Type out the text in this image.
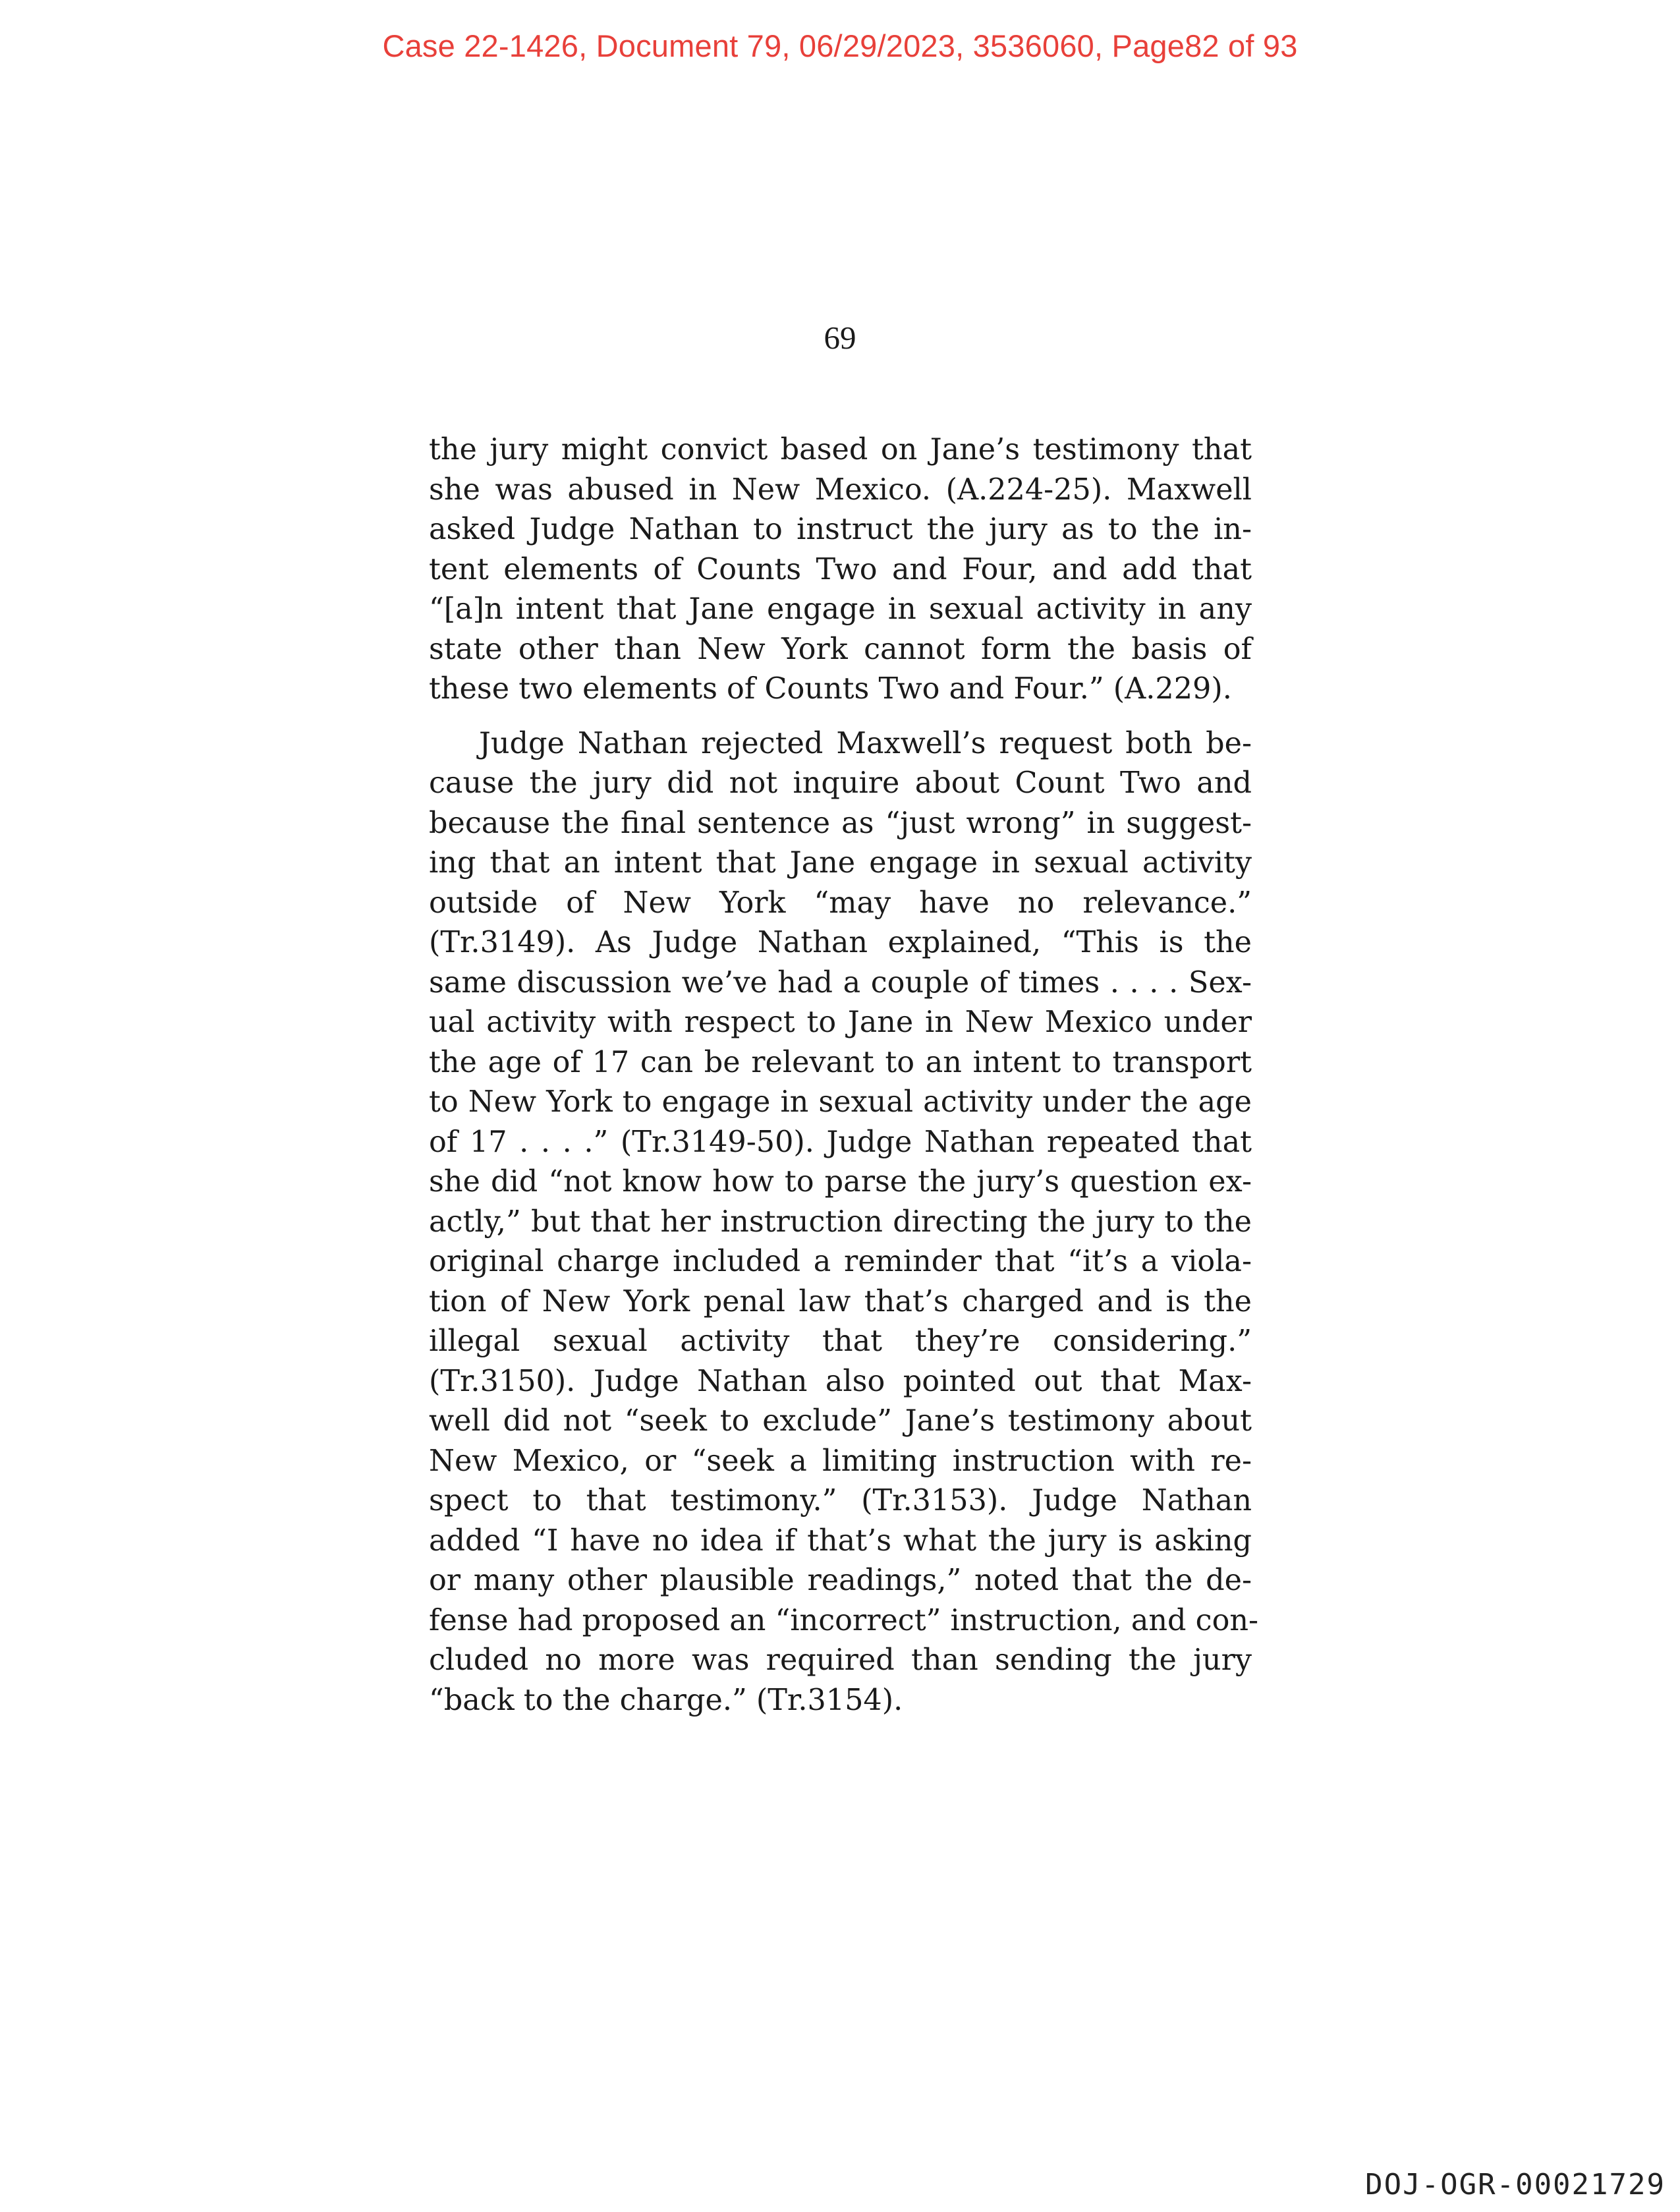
Case 22-1426, Document 79, 06/29/2023, 3536060, Page82 of 93
69
the jury might convict based on Jane’s testimony that
she was abused in New Mexico. (A.224-25). Maxwell
asked Judge Nathan to instruct the jury as to the in-
tent elements of Counts Two and Four, and add that
“[a]n intent that Jane engage in sexual activity in any
state other than New York cannot form the basis of
these two elements of Counts Two and Four.” (A.229).
Judge Nathan rejected Maxwell’s request both be-
cause the jury did not inquire about Count Two and
because the final sentence as “just wrong” in suggest-
ing that an intent that Jane engage in sexual activity
outside of New York “may have no relevance.”
(Tr.3149). As Judge Nathan explained, “This is the
same discussion we’ve had a couple of times . . . . Sex-
ual activity with respect to Jane in New Mexico under
the age of 17 can be relevant to an intent to transport
to New York to engage in sexual activity under the age
of 17 . . . .” (Tr.3149-50). Judge Nathan repeated that
she did “not know how to parse the jury’s question ex-
actly,” but that her instruction directing the jury to the
original charge included a reminder that “it’s a viola-
tion of New York penal law that’s charged and is the
illegal sexual activity that they’re considering.”
(Tr.3150). Judge Nathan also pointed out that Max-
well did not “seek to exclude” Jane’s testimony about
New Mexico, or “seek a limiting instruction with re-
spect to that testimony.” (Tr.3153). Judge Nathan
added “I have no idea if that’s what the jury is asking
or many other plausible readings,” noted that the de-
fense had proposed an “incorrect” instruction, and con-
cluded no more was required than sending the jury
“back to the charge.” (Tr.3154).
DOJ-OGR-00021729
